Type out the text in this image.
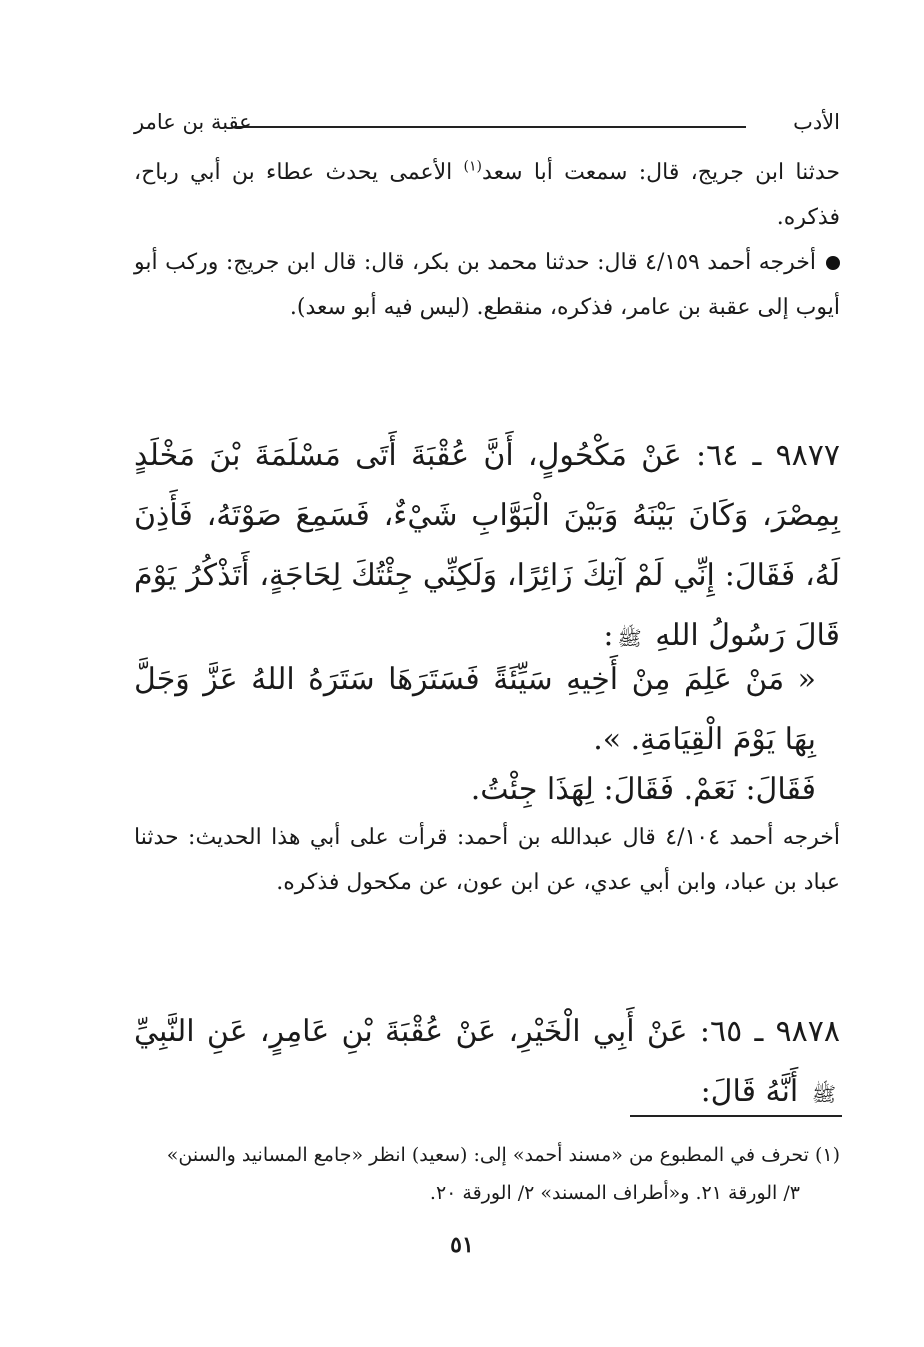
الأدب
عقبة بن عامر
حدثنا ابن جريج، قال: سمعت أبا سعد$^{(١)}$ الأعمى يحدث عطاء بن أبي رباح، فذكره.
أخرجه أحمد ٤/١٥٩ قال: حدثنا محمد بن بكر، قال: قال ابن جريج: وركب أبو أيوب إلى عقبة بن عامر، فذكره، منقطع. (ليس فيه أبو سعد).
٩٨٧٧ ـ ٦٤: عَنْ مَكْحُولٍ، أَنَّ عُقْبَةَ أَتَى مَسْلَمَةَ بْنَ مَخْلَدٍ بِمِصْرَ، وَكَانَ بَيْنَهُ وَبَيْنَ الْبَوَّابِ شَيْءٌ، فَسَمِعَ صَوْتَهُ، فَأَذِنَ لَهُ، فَقَالَ: إِنِّي لَمْ آتِكَ زَائِرًا، وَلَكِنِّي جِئْتُكَ لِحَاجَةٍ، أَتَذْكُرُ يَوْمَ قَالَ رَسُولُ اللهِ ﷺ:
« مَنْ عَلِمَ مِنْ أَخِيهِ سَيِّئَةً فَسَتَرَهَا سَتَرَهُ اللهُ عَزَّ وَجَلَّ بِهَا يَوْمَ الْقِيَامَةِ. ».
فَقَالَ: نَعَمْ. فَقَالَ: لِهَذَا جِئْتُ.
أخرجه أحمد ٤/١٠٤ قال عبدالله بن أحمد: قرأت على أبي هذا الحديث: حدثنا عباد بن عباد، وابن أبي عدي، عن ابن عون، عن مكحول فذكره.
٩٨٧٨ ـ ٦٥: عَنْ أَبِي الْخَيْرِ، عَنْ عُقْبَةَ بْنِ عَامِرٍ، عَنِ النَّبِيِّ ﷺ أَنَّهُ قَالَ:
(١) تحرف في المطبوع من «مسند أحمد» إلى: (سعيد) انظر «جامع المسانيد والسنن»
٣/ الورقة ٢١. و«أطراف المسند» ٢/ الورقة ٢٠.
٥١
